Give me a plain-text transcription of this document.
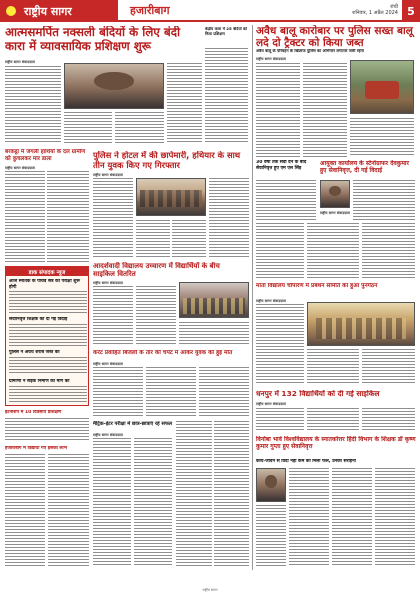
राष्ट्रीय सागर	हजारीबाग	रांची
शनिवार, 1 अप्रैल 2024 5
आत्मसमर्पित नक्सली बंदियों के लिए बंदी कारा में व्यावसायिक प्रशिक्षण शुरू
केंद्रीय कारा में 25 बंदियों को मिला प्रशिक्षण
राष्ट्रीय सागर संवाददाता
अवैध बालू कारोबार पर पुलिस सख्त बालू लदे दो ट्रैक्टर को किया जब्त
अवैध बालू के परिवहन के खिलाफ पुलिस का अभियान लगातार जारी रहेगा
राष्ट्रीय सागर संवाददाता
बरकट्ठा में जंगली हाथियों के दल ग्रामीण को कुचलकर मार डाला
राष्ट्रीय सागर संवाददाता
पुलिस ने होटल में की छापेमारी, हथियार के साथ तीन युवक किए गए गिरफ्तार
राष्ट्रीय सागर संवाददाता
30 वर्षों तक सेवा देने के बाद सेवानिवृत्त हुए एम एल सिंह
आयुक्त कार्यालय के स्टेनोग्राफर देवकुमार हुए सेवानिवृत्त, दी गई विदाई
राष्ट्रीय सागर संवाददाता
आदर्शवादी विद्यालय उच्चारण में विद्यार्थियों के बीच साइकिल वितरित
राष्ट्रीय सागर संवाददाता
डाक संपादक न्यूज
आज स्नातक के पाँचवें सत्र की परीक्षा शुरू होगी
सेवानिवृत्त शिक्षक को दी गई विदाई
पुलिस ने अवैध शराब जब्त की
ग्रामीणों ने सड़क निर्माण की मांग की
माता विद्यालय चौपारण में प्रबंधन समिति का हुआ पुनर्गठन
राष्ट्रीय सागर संवाददाता
करंट प्रवाहित बिजली के तार की चपेट में आकर युवक की हुई मौत
राष्ट्रीय सागर संवाददाता
धनपुर में 132 विद्यार्थियों को दी गई साइकिल
राष्ट्रीय सागर संवाददाता
इंटर्नशिप में 10 दिवसीय प्रशिक्षण
हजारीबाग में विद्यार्थी गए इसका लाभ
मैट्रिक-इंटर परीक्षा में छात्र-छात्राएं रहे सफल
राष्ट्रीय सागर संवाददाता
विनोबा भावे विश्वविद्यालय के स्नातकोत्तर हिंदी विभाग के शिक्षक डॉ कृष्ण कुमार गुप्ता हुए सेवानिवृत्त
कार्य-जीवन से विदा नहीं कर्म का मिला फल, उनकी सराहना
राष्ट्रीय सागर
